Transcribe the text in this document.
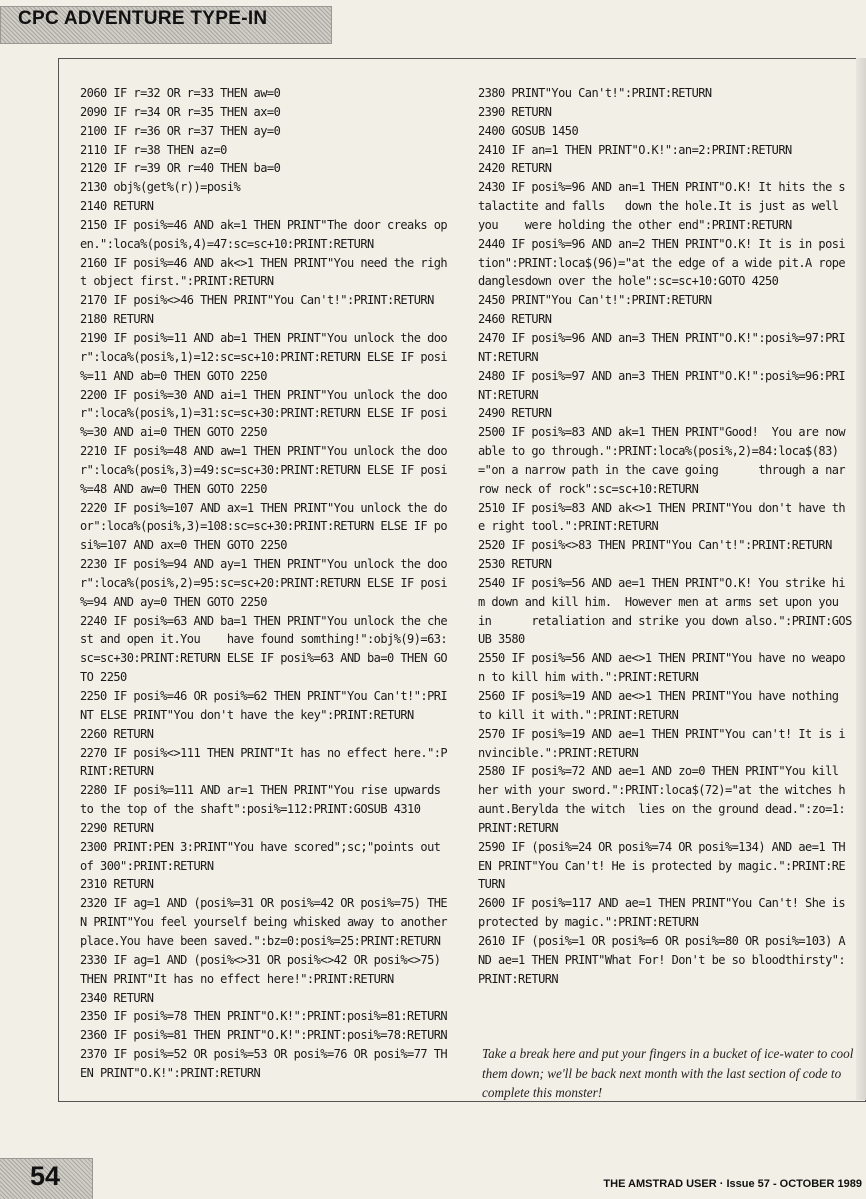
CPC ADVENTURE TYPE-IN
2060 IF r=32 OR r=33 THEN aw=0
2090 IF r=34 OR r=35 THEN ax=0
2100 IF r=36 OR r=37 THEN ay=0
2110 IF r=38 THEN az=0
2120 IF r=39 OR r=40 THEN ba=0
2130 obj%(get%(r))=posi%
2140 RETURN
2150 IF posi%=46 AND ak=1 THEN PRINT"The door creaks op
en.":loca%(posi%,4)=47:sc=sc+10:PRINT:RETURN
2160 IF posi%=46 AND ak<>1 THEN PRINT"You need the righ
t object first.":PRINT:RETURN
2170 IF posi%<>46 THEN PRINT"You Can't!":PRINT:RETURN
2180 RETURN
2190 IF posi%=11 AND ab=1 THEN PRINT"You unlock the doo
r":loca%(posi%,1)=12:sc=sc+10:PRINT:RETURN ELSE IF posi
%=11 AND ab=0 THEN GOTO 2250
2200 IF posi%=30 AND ai=1 THEN PRINT"You unlock the doo
r":loca%(posi%,1)=31:sc=sc+30:PRINT:RETURN ELSE IF posi
%=30 AND ai=0 THEN GOTO 2250
2210 IF posi%=48 AND aw=1 THEN PRINT"You unlock the doo
r":loca%(posi%,3)=49:sc=sc+30:PRINT:RETURN ELSE IF posi
%=48 AND aw=0 THEN GOTO 2250
2220 IF posi%=107 AND ax=1 THEN PRINT"You unlock the do
or":loca%(posi%,3)=108:sc=sc+30:PRINT:RETURN ELSE IF po
si%=107 AND ax=0 THEN GOTO 2250
2230 IF posi%=94 AND ay=1 THEN PRINT"You unlock the doo
r":loca%(posi%,2)=95:sc=sc+20:PRINT:RETURN ELSE IF posi
%=94 AND ay=0 THEN GOTO 2250
2240 IF posi%=63 AND ba=1 THEN PRINT"You unlock the che
st and open it.You    have found somthing!":obj%(9)=63:
sc=sc+30:PRINT:RETURN ELSE IF posi%=63 AND ba=0 THEN GO
TO 2250
2250 IF posi%=46 OR posi%=62 THEN PRINT"You Can't!":PRI
NT ELSE PRINT"You don't have the key":PRINT:RETURN
2260 RETURN
2270 IF posi%<>111 THEN PRINT"It has no effect here.":P
RINT:RETURN
2280 IF posi%=111 AND ar=1 THEN PRINT"You rise upwards
to the top of the shaft":posi%=112:PRINT:GOSUB 4310
2290 RETURN
2300 PRINT:PEN 3:PRINT"You have scored";sc;"points out
of 300":PRINT:RETURN
2310 RETURN
2320 IF ag=1 AND (posi%=31 OR posi%=42 OR posi%=75) THE
N PRINT"You feel yourself being whisked away to another
place.You have been saved.":bz=0:posi%=25:PRINT:RETURN
2330 IF ag=1 AND (posi%<>31 OR posi%<>42 OR posi%<>75)
THEN PRINT"It has no effect here!":PRINT:RETURN
2340 RETURN
2350 IF posi%=78 THEN PRINT"O.K!":PRINT:posi%=81:RETURN
2360 IF posi%=81 THEN PRINT"O.K!":PRINT:posi%=78:RETURN
2370 IF posi%=52 OR posi%=53 OR posi%=76 OR posi%=77 TH
EN PRINT"O.K!":PRINT:RETURN
2380 PRINT"You Can't!":PRINT:RETURN
2390 RETURN
2400 GOSUB 1450
2410 IF an=1 THEN PRINT"O.K!":an=2:PRINT:RETURN
2420 RETURN
2430 IF posi%=96 AND an=1 THEN PRINT"O.K! It hits the s
talactite and falls   down the hole.It is just as well
you    were holding the other end":PRINT:RETURN
2440 IF posi%=96 AND an=2 THEN PRINT"O.K! It is in posi
tion":PRINT:loca$(96)="at the edge of a wide pit.A rope
danglesdown over the hole":sc=sc+10:GOTO 4250
2450 PRINT"You Can't!":PRINT:RETURN
2460 RETURN
2470 IF posi%=96 AND an=3 THEN PRINT"O.K!":posi%=97:PRI
NT:RETURN
2480 IF posi%=97 AND an=3 THEN PRINT"O.K!":posi%=96:PRI
NT:RETURN
2490 RETURN
2500 IF posi%=83 AND ak=1 THEN PRINT"Good!  You are now
able to go through.":PRINT:loca%(posi%,2)=84:loca$(83)
="on a narrow path in the cave going      through a nar
row neck of rock":sc=sc+10:RETURN
2510 IF posi%=83 AND ak<>1 THEN PRINT"You don't have th
e right tool.":PRINT:RETURN
2520 IF posi%<>83 THEN PRINT"You Can't!":PRINT:RETURN
2530 RETURN
2540 IF posi%=56 AND ae=1 THEN PRINT"O.K! You strike hi
m down and kill him.  However men at arms set upon you
in      retaliation and strike you down also.":PRINT:GOS
UB 3580
2550 IF posi%=56 AND ae<>1 THEN PRINT"You have no weapo
n to kill him with.":PRINT:RETURN
2560 IF posi%=19 AND ae<>1 THEN PRINT"You have nothing
to kill it with.":PRINT:RETURN
2570 IF posi%=19 AND ae=1 THEN PRINT"You can't! It is i
nvincible.":PRINT:RETURN
2580 IF posi%=72 AND ae=1 AND zo=0 THEN PRINT"You kill
her with your sword.":PRINT:loca$(72)="at the witches h
aunt.Berylda the witch  lies on the ground dead.":zo=1:
PRINT:RETURN
2590 IF (posi%=24 OR posi%=74 OR posi%=134) AND ae=1 TH
EN PRINT"You Can't! He is protected by magic.":PRINT:RE
TURN
2600 IF posi%=117 AND ae=1 THEN PRINT"You Can't! She is
protected by magic.":PRINT:RETURN
2610 IF (posi%=1 OR posi%=6 OR posi%=80 OR posi%=103) A
ND ae=1 THEN PRINT"What For! Don't be so bloodthirsty":
PRINT:RETURN
Take a break here and put your fingers in a bucket of ice-water to cool them down; we'll be back next month with the last section of code to complete this monster!
54	THE AMSTRAD USER · Issue 57 - OCTOBER 1989
